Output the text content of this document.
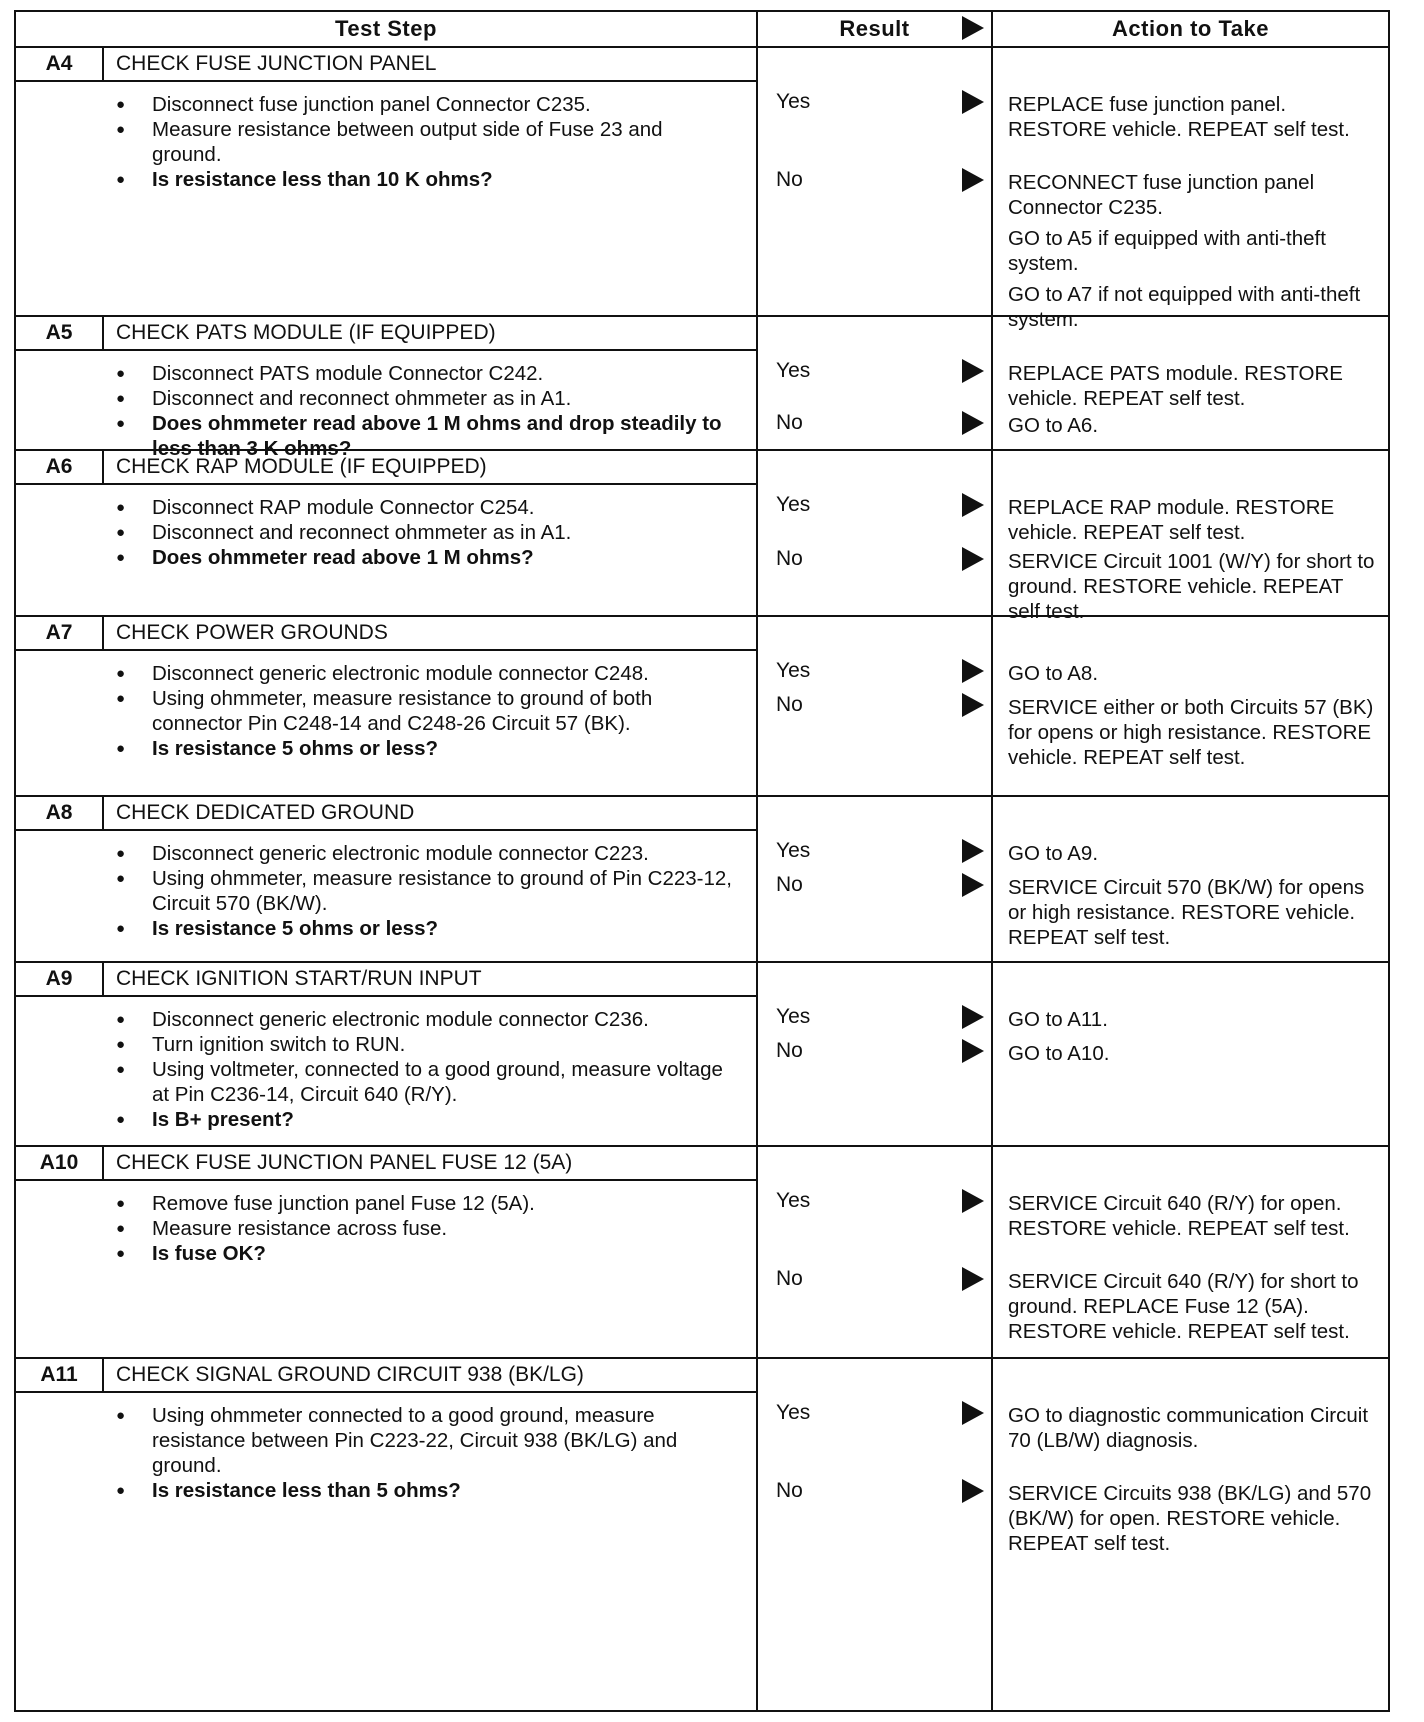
Test Step	Result	Action to Take
A4	CHECK FUSE JUNCTION PANEL
● Disconnect fuse junction panel Connector C235.
● Measure resistance between output side of Fuse 23 and ground.
● Is resistance less than 10 K ohms?
Yes	REPLACE fuse junction panel. RESTORE vehicle. REPEAT self test.

No	RECONNECT fuse junction panel Connector C235.

GO to A5 if equipped with anti-theft system.

GO to A7 if not equipped with anti-theft system.

A5	CHECK PATS MODULE (IF EQUIPPED)
● Disconnect PATS module Connector C242.
● Disconnect and reconnect ohmmeter as in A1.
● Does ohmmeter read above 1 M ohms and drop steadily to less than 3 K ohms?
Yes	REPLACE PATS module. RESTORE vehicle. REPEAT self test.

No	GO to A6.

A6	CHECK RAP MODULE (IF EQUIPPED)
● Disconnect RAP module Connector C254.
● Disconnect and reconnect ohmmeter as in A1.
● Does ohmmeter read above 1 M ohms?
Yes	REPLACE RAP module. RESTORE vehicle. REPEAT self test.

No	SERVICE Circuit 1001 (W/Y) for short to ground. RESTORE vehicle. REPEAT self test.

A7	CHECK POWER GROUNDS
● Disconnect generic electronic module connector C248.
● Using ohmmeter, measure resistance to ground of both connector Pin C248-14 and C248-26 Circuit 57 (BK).
● Is resistance 5 ohms or less?
Yes	GO to A8.

No	SERVICE either or both Circuits 57 (BK) for opens or high resistance. RESTORE vehicle. REPEAT self test.

A8	CHECK DEDICATED GROUND
● Disconnect generic electronic module connector C223.
● Using ohmmeter, measure resistance to ground of Pin C223-12, Circuit 570 (BK/W).
● Is resistance 5 ohms or less?
Yes	GO to A9.

No	SERVICE Circuit 570 (BK/W) for opens or high resistance. RESTORE vehicle. REPEAT self test.

A9	CHECK IGNITION START/RUN INPUT
● Disconnect generic electronic module connector C236.
● Turn ignition switch to RUN.
● Using voltmeter, connected to a good ground, measure voltage at Pin C236-14, Circuit 640 (R/Y).
● Is B+ present?
Yes	GO to A11.

No	GO to A10.

A10	CHECK FUSE JUNCTION PANEL FUSE 12 (5A)
● Remove fuse junction panel Fuse 12 (5A).
● Measure resistance across fuse.
● Is fuse OK?
Yes	SERVICE Circuit 640 (R/Y) for open. RESTORE vehicle. REPEAT self test.

No	SERVICE Circuit 640 (R/Y) for short to ground. REPLACE Fuse 12 (5A). RESTORE vehicle. REPEAT self test.

A11	CHECK SIGNAL GROUND CIRCUIT 938 (BK/LG)
● Using ohmmeter connected to a good ground, measure resistance between Pin C223-22, Circuit 938 (BK/LG) and ground.
● Is resistance less than 5 ohms?
Yes	GO to diagnostic communication Circuit 70 (LB/W) diagnosis.

No	SERVICE Circuits 938 (BK/LG) and 570 (BK/W) for open. RESTORE vehicle. REPEAT self test.
